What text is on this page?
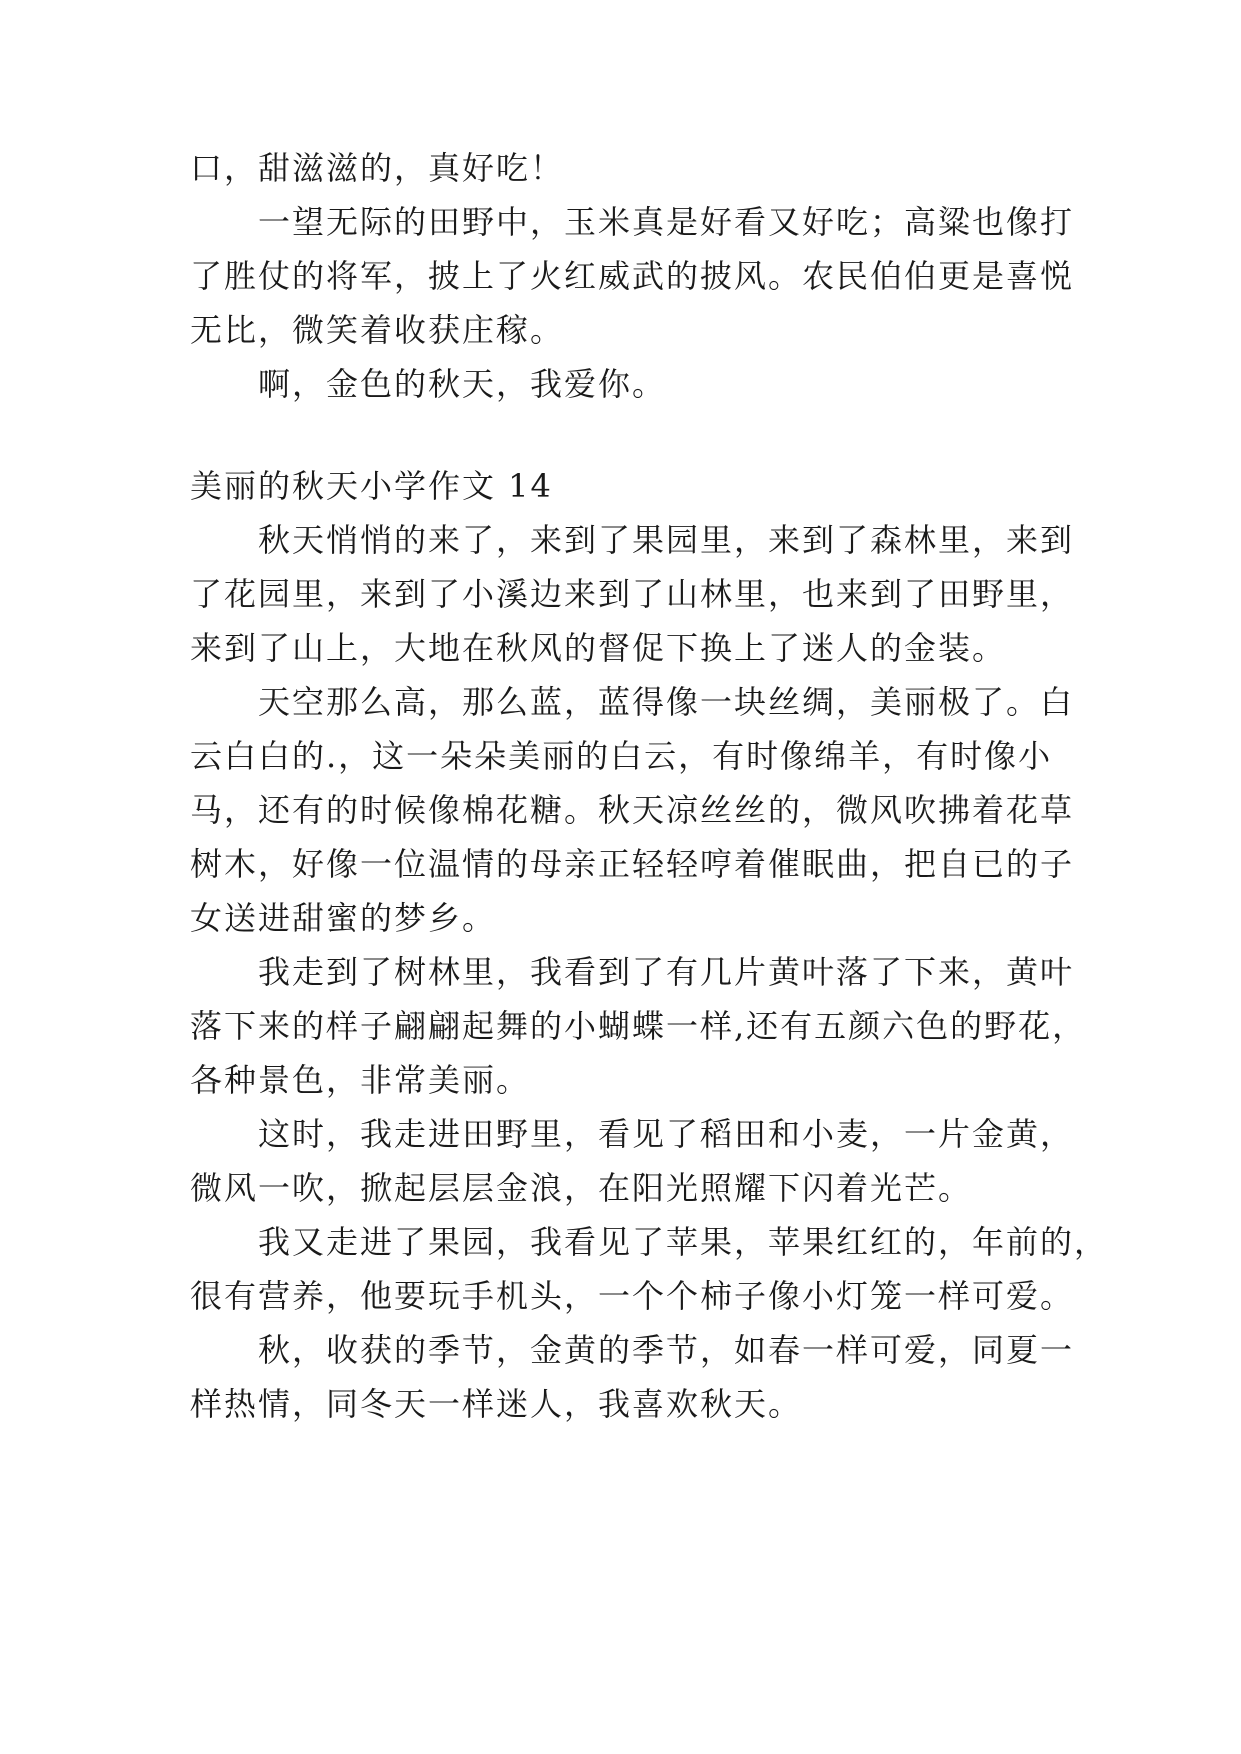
口，甜滋滋的，真好吃！
一望无际的田野中，玉米真是好看又好吃；高粱也像打
了胜仗的将军，披上了火红威武的披风。农民伯伯更是喜悦
无比，微笑着收获庄稼。
啊，金色的秋天，我爱你。
美丽的秋天小学作文 14
秋天悄悄的来了，来到了果园里，来到了森林里，来到
了花园里，来到了小溪边来到了山林里，也来到了田野里，
来到了山上，大地在秋风的督促下换上了迷人的金装。
天空那么高，那么蓝，蓝得像一块丝绸，美丽极了。白
云白白的.，这一朵朵美丽的白云，有时像绵羊，有时像小
马，还有的时候像棉花糖。秋天凉丝丝的，微风吹拂着花草
树木，好像一位温情的母亲正轻轻哼着催眠曲，把自已的子
女送进甜蜜的梦乡。
我走到了树林里，我看到了有几片黄叶落了下来，黄叶
落下来的样子翩翩起舞的小蝴蝶一样,还有五颜六色的野花，
各种景色，非常美丽。
这时，我走进田野里，看见了稻田和小麦，一片金黄，
微风一吹，掀起层层金浪，在阳光照耀下闪着光芒。
我又走进了果园，我看见了苹果，苹果红红的，年前的，
很有营养，他要玩手机头，一个个柿子像小灯笼一样可爱。
秋，收获的季节，金黄的季节，如春一样可爱，同夏一
样热情，同冬天一样迷人，我喜欢秋天。
